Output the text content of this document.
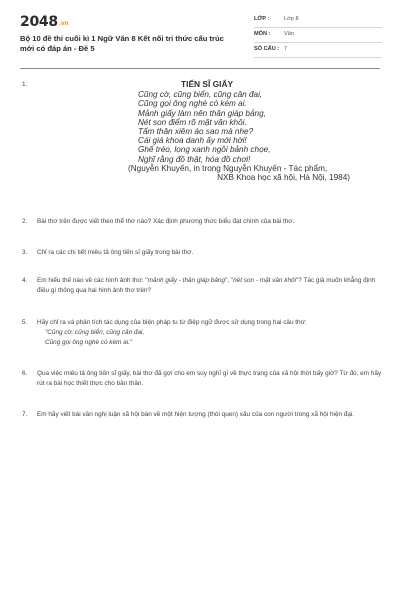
2048.vn
Bộ 10 đề thi cuối kì 1 Ngữ Văn 8 Kết nối tri thức cấu trúc mới có đáp án - Đề 5
LỚP :	Lớp 8
MÔN : Văn
SỐ CÂU : 7
1.	TIẾN SĨ GIẤY
Cũng cờ, cũng biển, cũng cân đai,
Cũng gọi ông nghè có kém ai.
Mảnh giấy làm nên thân giáp bảng,
Nét son điểm rõ mặt văn khôi.
Tấm thân xiêm áo sao mà nhẹ?
Cái giá khoa danh ấy mới hời!
Ghế tréo, lọng xanh ngồi bảnh chọe,
Nghĩ rằng đồ thật, hóa đồ chơi!
(Nguyễn Khuyến, in trong Nguyễn Khuyến - Tác phẩm,
NXB Khoa học xã hội, Hà Nội, 1984)
2. Bài thơ trên được viết theo thể thơ nào? Xác định phương thức biểu đạt chính của bài thơ.
3. Chỉ ra các chi tiết miêu tả ông tiến sĩ giấy trong bài thơ.
4. Em hiểu thế nào về các hình ảnh thơ: "mảnh giấy - thân giáp bảng", "nét son - mặt văn khôi"? Tác giả muốn khẳng định điều gì thông qua hai hình ảnh thơ trên?
5. Hãy chỉ ra và phân tích tác dụng của biện pháp tu từ điệp ngữ được sử dụng trong hai câu thơ:
"Cũng cờ, cũng biển, cũng cân đai,
Cũng gọi ông nghè có kém ai."
6. Qua việc miêu tả ông tiến sĩ giấy, bài thơ đã gợi cho em suy nghĩ gì về thực trạng của xã hội thời bấy giờ? Từ đó, em hãy rút ra bài học thiết thực cho bản thân.
7. Em hãy viết bài văn nghị luận xã hội bàn về một hiện tượng (thói quen) xấu của con người trong xã hội hiện đại.
